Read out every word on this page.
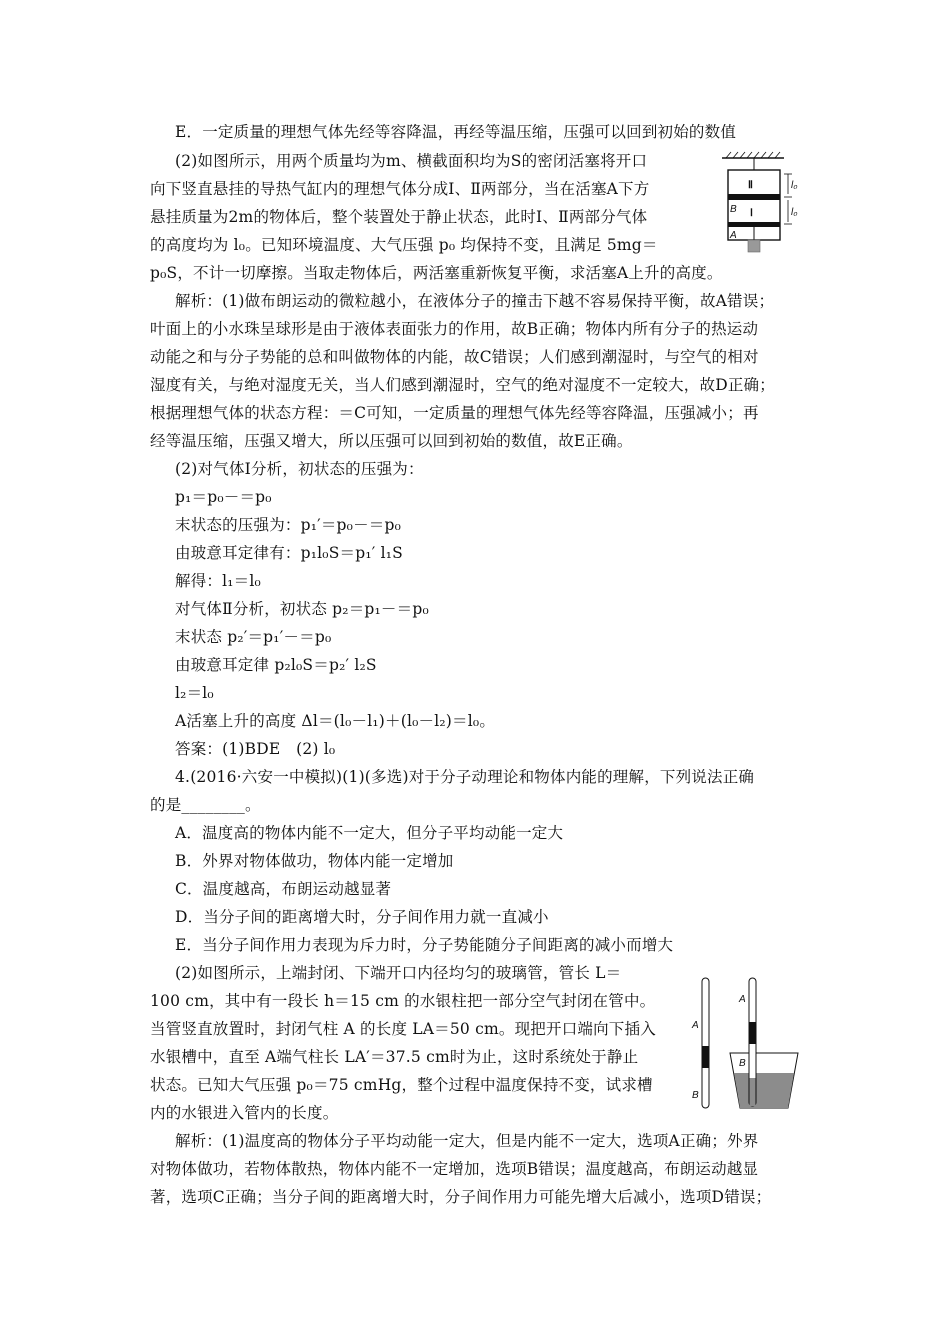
E．一定质量的理想气体先经等容降温，再经等温压缩，压强可以回到初始的数值
(2)如图所示，用两个质量均为m、横截面积均为S的密闭活塞将开口
向下竖直悬挂的导热气缸内的理想气体分成Ⅰ、Ⅱ两部分，当在活塞A下方
悬挂质量为2m的物体后，整个装置处于静止状态，此时Ⅰ、Ⅱ两部分气体
的高度均为 l₀。已知环境温度、大气压强 p₀ 均保持不变，且满足 5mg＝
p₀S，不计一切摩擦。当取走物体后，两活塞重新恢复平衡，求活塞A上升的高度。
Ⅱ
Ⅰ
B
A
l₀
l₀
解析：(1)做布朗运动的微粒越小，在液体分子的撞击下越不容易保持平衡，故A错误；
叶面上的小水珠呈球形是由于液体表面张力的作用，故B正确；物体内所有分子的热运动
动能之和与分子势能的总和叫做物体的内能，故C错误；人们感到潮湿时，与空气的相对
湿度有关，与绝对湿度无关，当人们感到潮湿时，空气的绝对湿度不一定较大，故D正确；
根据理想气体的状态方程：＝C可知，一定质量的理想气体先经等容降温，压强减小；再
经等温压缩，压强又增大，所以压强可以回到初始的数值，故E正确。
(2)对气体Ⅰ分析，初状态的压强为：
p₁＝p₀－＝p₀
末状态的压强为：p₁′＝p₀－＝p₀
由玻意耳定律有：p₁l₀S＝p₁′ l₁S
解得：l₁＝l₀
对气体Ⅱ分析，初状态 p₂＝p₁－＝p₀
末状态 p₂′＝p₁′－＝p₀
由玻意耳定律 p₂l₀S＝p₂′ l₂S
l₂＝l₀
A活塞上升的高度 Δl＝(l₀－l₁)＋(l₀－l₂)＝l₀。
答案：(1)BDE　(2) l₀
4.(2016·六安一中模拟)(1)(多选)对于分子动理论和物体内能的理解，下列说法正确
的是________。
A．温度高的物体内能不一定大，但分子平均动能一定大
B．外界对物体做功，物体内能一定增加
C．温度越高，布朗运动越显著
D．当分子间的距离增大时，分子间作用力就一直减小
E．当分子间作用力表现为斥力时，分子势能随分子间距离的减小而增大
(2)如图所示，上端封闭、下端开口内径均匀的玻璃管，管长 L＝
100 cm，其中有一段长 h＝15 cm 的水银柱把一部分空气封闭在管中。
当管竖直放置时，封闭气柱 A 的长度 LA＝50 cm。现把开口端向下插入
水银槽中，直至 A端气柱长 LA′＝37.5 cm时为止，这时系统处于静止
状态。已知大气压强 p₀＝75 cmHg，整个过程中温度保持不变，试求槽
内的水银进入管内的长度。
A
B
A
B
解析：(1)温度高的物体分子平均动能一定大，但是内能不一定大，选项A正确；外界
对物体做功，若物体散热，物体内能不一定增加，选项B错误；温度越高，布朗运动越显
著，选项C正确；当分子间的距离增大时，分子间作用力可能先增大后减小，选项D错误；
